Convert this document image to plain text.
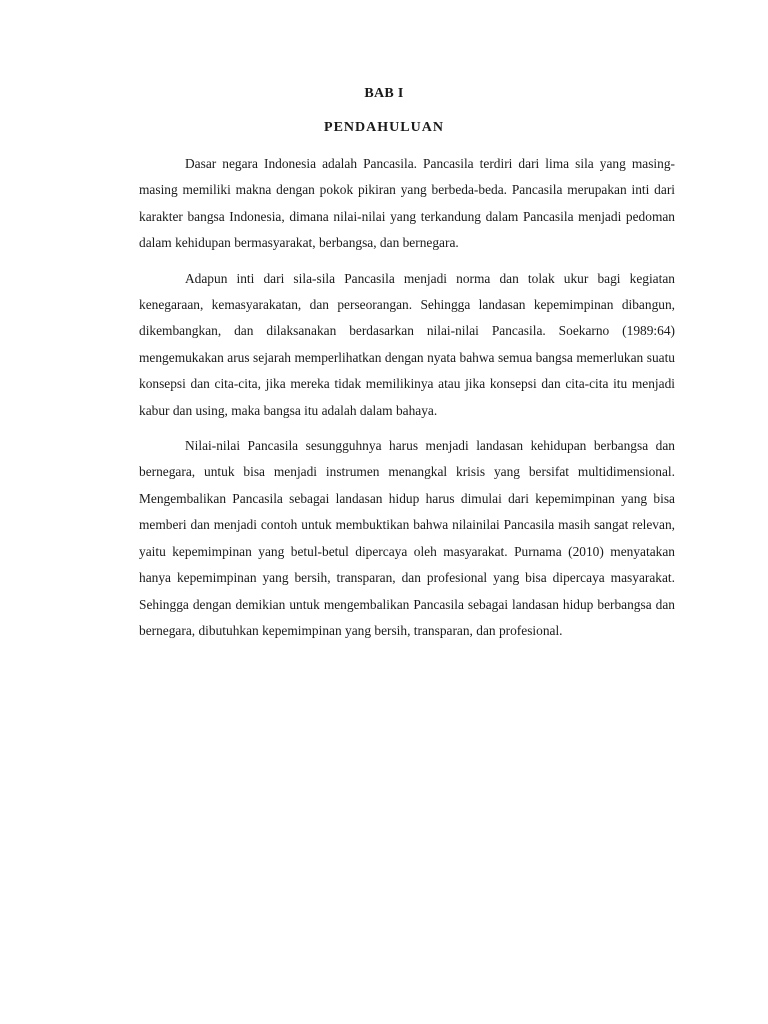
BAB I
PENDAHULUAN

Dasar negara Indonesia adalah Pancasila. Pancasila terdiri dari lima sila yang masing-masing memiliki makna dengan pokok pikiran yang berbeda-beda. Pancasila merupakan inti dari karakter bangsa Indonesia, dimana nilai-nilai yang terkandung dalam Pancasila menjadi pedoman dalam kehidupan bermasyarakat, berbangsa, dan bernegara.

Adapun inti dari sila-sila Pancasila menjadi norma dan tolak ukur bagi kegiatan kenegaraan, kemasyarakatan, dan perseorangan. Sehingga landasan kepemimpinan dibangun, dikembangkan, dan dilaksanakan berdasarkan nilai-nilai Pancasila. Soekarno (1989:64) mengemukakan arus sejarah memperlihatkan dengan nyata bahwa semua bangsa memerlukan suatu konsepsi dan cita-cita, jika mereka tidak memilikinya atau jika konsepsi dan cita-cita itu menjadi kabur dan using, maka bangsa itu adalah dalam bahaya.

Nilai-nilai Pancasila sesungguhnya harus menjadi landasan kehidupan berbangsa dan bernegara, untuk bisa menjadi instrumen menangkal krisis yang bersifat multidimensional. Mengembalikan Pancasila sebagai landasan hidup harus dimulai dari kepemimpinan yang bisa memberi dan menjadi contoh untuk membuktikan bahwa nilainilai Pancasila masih sangat relevan, yaitu kepemimpinan yang betul-betul dipercaya oleh masyarakat. Purnama (2010) menyatakan hanya kepemimpinan yang bersih, transparan, dan profesional yang bisa dipercaya masyarakat. Sehingga dengan demikian untuk mengembalikan Pancasila sebagai landasan hidup berbangsa dan bernegara, dibutuhkan kepemimpinan yang bersih, transparan, dan profesional.
